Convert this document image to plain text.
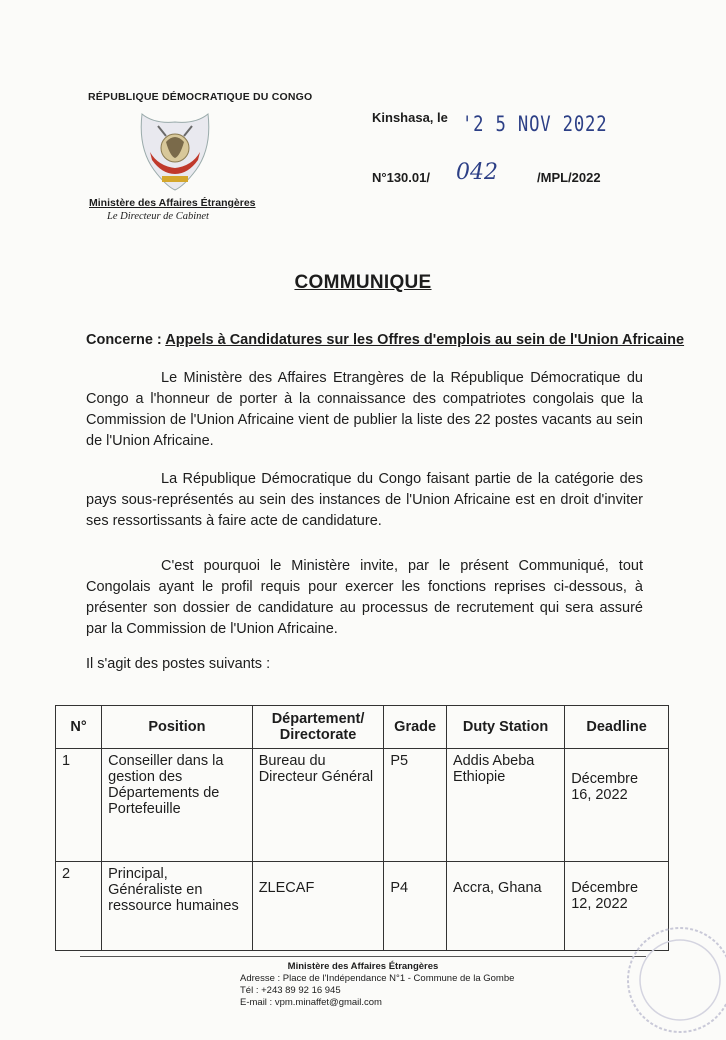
RÉPUBLIQUE DÉMOCRATIQUE DU CONGO
Ministère des Affaires Étrangères
Le Directeur de Cabinet
Kinshasa, le '2 5 NOV 2022
N°130.01/ 042	/MPL/2022
COMMUNIQUE
Concerne : Appels à Candidatures sur les Offres d'emplois au sein de l'Union Africaine
Le Ministère des Affaires Etrangères de la République Démocratique du Congo a l'honneur de porter à la connaissance des compatriotes congolais que la Commission de l'Union Africaine vient de publier la liste des 22 postes vacants au sein de l'Union Africaine.
La République Démocratique du Congo faisant partie de la catégorie des pays sous-représentés au sein des instances de l'Union Africaine est en droit d'inviter ses ressortissants à faire acte de candidature.
C'est pourquoi le Ministère invite, par le présent Communiqué, tout Congolais ayant le profil requis pour exercer les fonctions reprises ci-dessous, à présenter son dossier de candidature au processus de recrutement qui sera assuré par la Commission de l'Union Africaine.
Il s'agit des postes suivants :
N°	Position	Département/ Directorate	Grade	Duty Station	Deadline
1	Conseiller dans la gestion des Départements de Portefeuille	Bureau du Directeur Général	P5	Addis Abeba Ethiopie	Décembre 16, 2022
2	Principal, Généraliste en ressource humaines	ZLECAF	P4	Accra, Ghana	Décembre 12, 2022
Ministère des Affaires Étrangères
Adresse : Place de l'Indépendance N°1 - Commune de la Gombe
Tél : +243 89 92 16 945
E-mail : vpm.minaffet@gmail.com
